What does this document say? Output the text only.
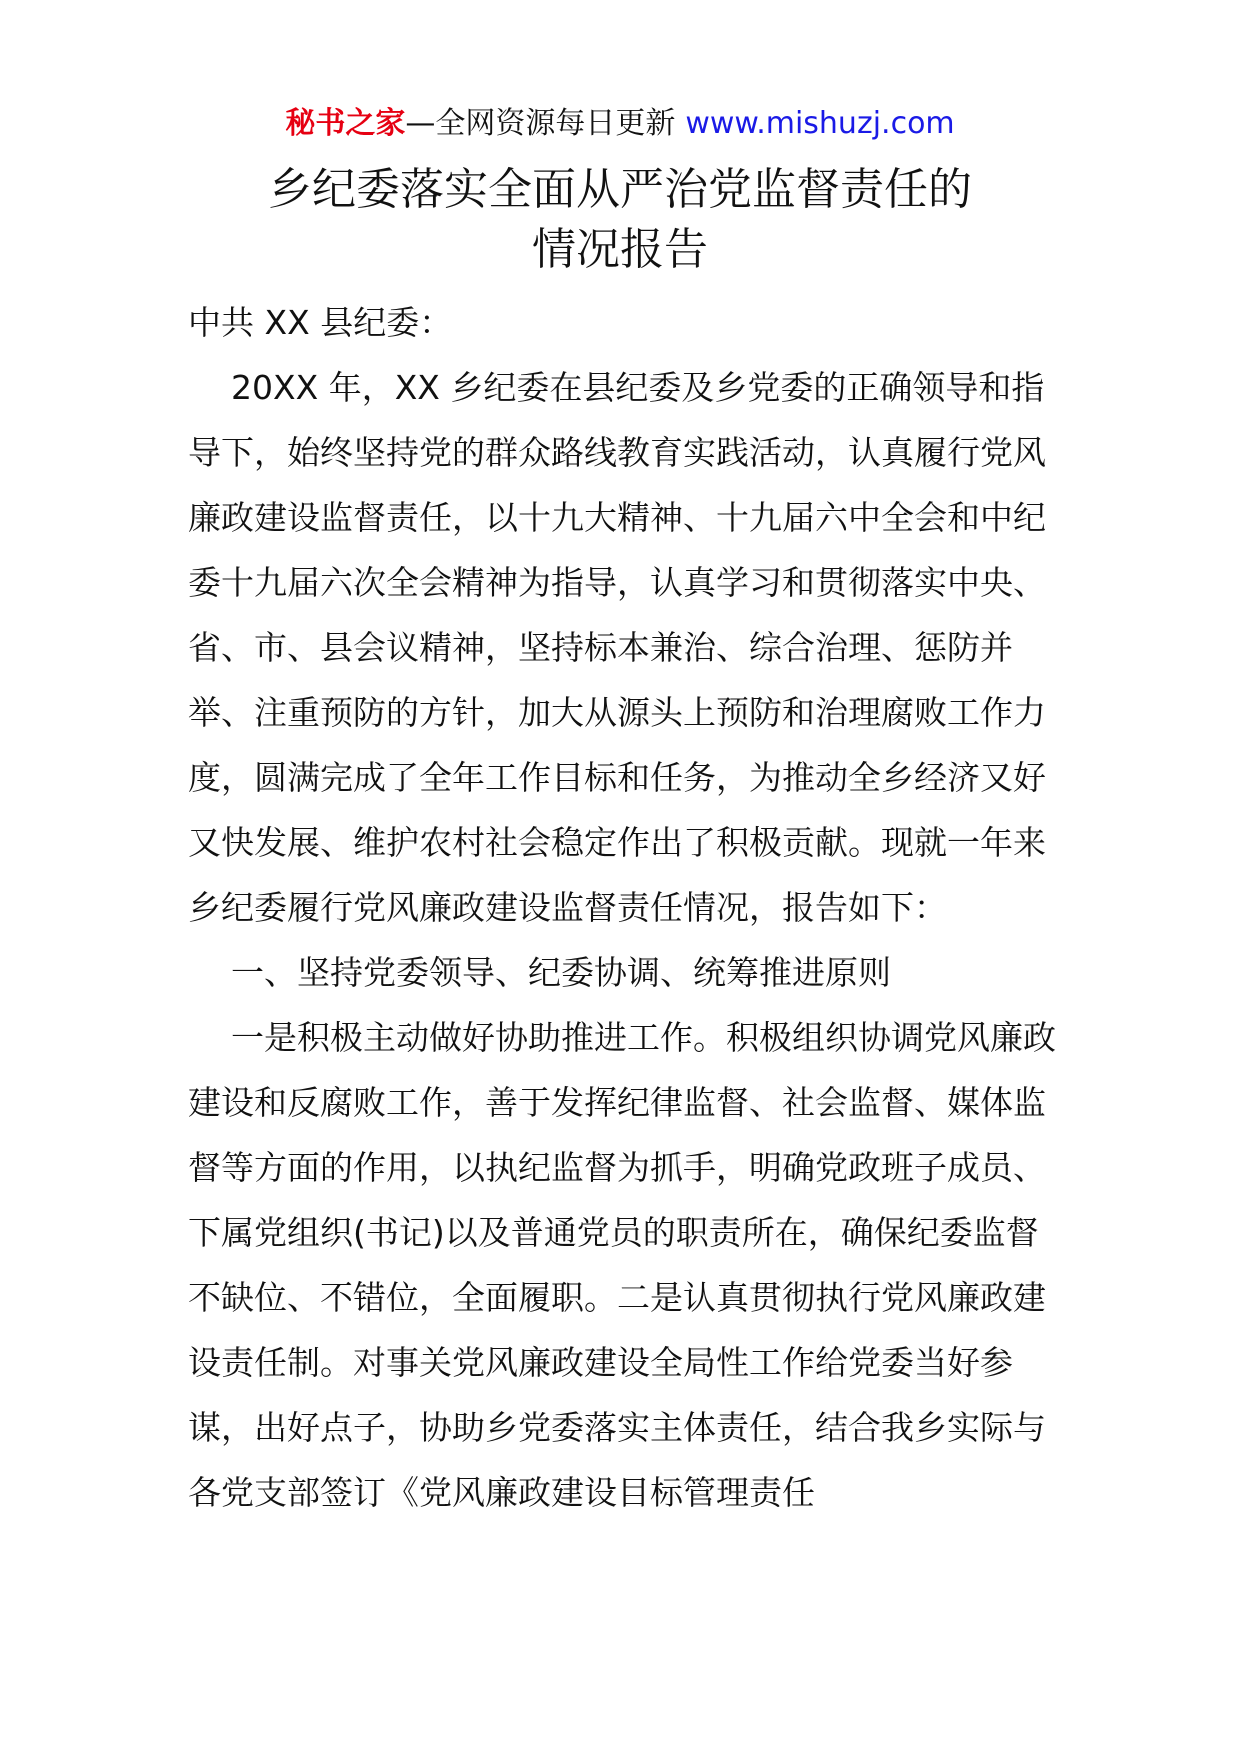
秘书之家—全网资源每日更新 www.mishuzj.com
乡纪委落实全面从严治党监督责任的
情况报告

中共 XX 县纪委：

20XX 年，XX 乡纪委在县纪委及乡党委的正确领导和指导下，始终坚持党的群众路线教育实践活动，认真履行党风廉政建设监督责任，以十九大精神、十九届六中全会和中纪委十九届六次全会精神为指导，认真学习和贯彻落实中央、省、市、县会议精神，坚持标本兼治、综合治理、惩防并举、注重预防的方针，加大从源头上预防和治理腐败工作力度，圆满完成了全年工作目标和任务，为推动全乡经济又好又快发展、维护农村社会稳定作出了积极贡献。现就一年来乡纪委履行党风廉政建设监督责任情况，报告如下：

一、坚持党委领导、纪委协调、统筹推进原则

一是积极主动做好协助推进工作。积极组织协调党风廉政建设和反腐败工作，善于发挥纪律监督、社会监督、媒体监督等方面的作用，以执纪监督为抓手，明确党政班子成员、下属党组织(书记)以及普通党员的职责所在，确保纪委监督不缺位、不错位，全面履职。二是认真贯彻执行党风廉政建设责任制。对事关党风廉政建设全局性工作给党委当好参谋，出好点子，协助乡党委落实主体责任，结合我乡实际与各党支部签订《党风廉政建设目标管理责任
